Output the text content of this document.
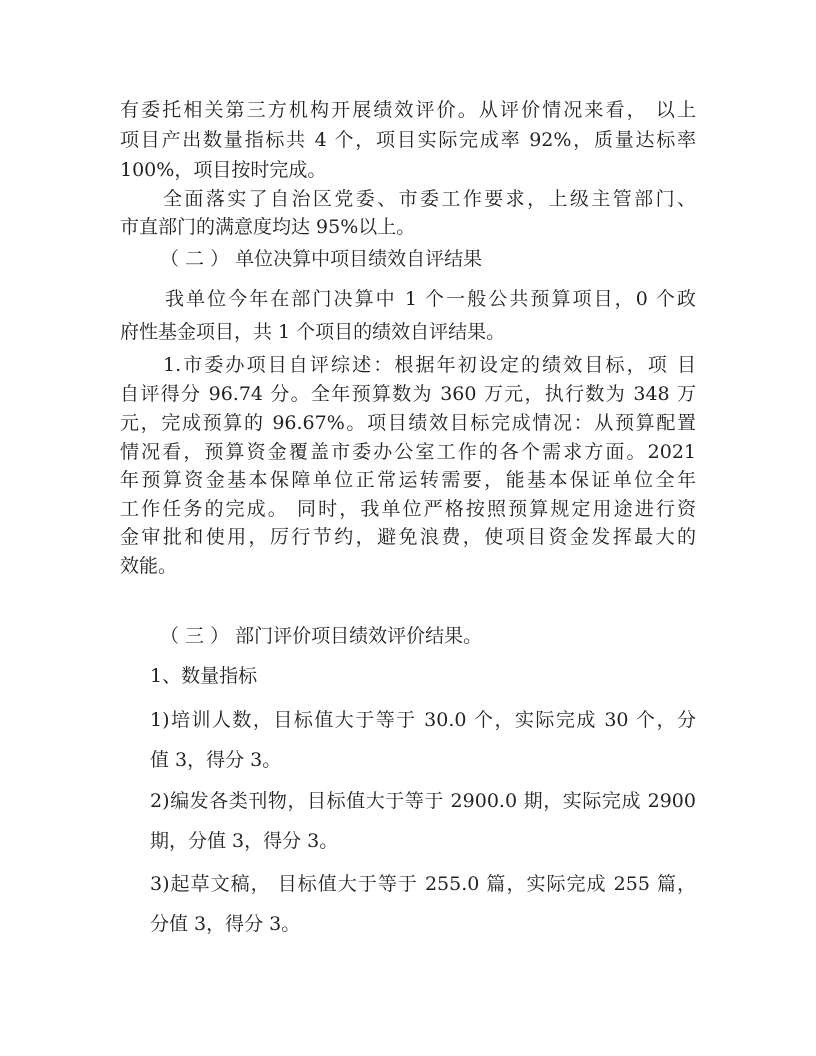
有委托相关第三方机构开展绩效评价。从评价情况来看， 以上
项目产出数量指标共 4 个，项目实际完成率 92%，质量达标率
100%，项目按时完成。
全面落实了自治区党委、市委工作要求，上级主管部门、
市直部门的满意度均达 95%以上。
（ 二 ） 单位决算中项目绩效自评结果
我单位今年在部门决算中 1 个一般公共预算项目，0 个政
府性基金项目，共 1 个项目的绩效自评结果。
1.市委办项目自评综述：根据年初设定的绩效目标，项 目
自评得分 96.74 分。全年预算数为 360 万元，执行数为 348 万
元，完成预算的 96.67%。项目绩效目标完成情况：从预算配置
情况看，预算资金覆盖市委办公室工作的各个需求方面。2021
年预算资金基本保障单位正常运转需要，能基本保证单位全年
工作任务的完成。 同时，我单位严格按照预算规定用途进行资
金审批和使用，厉行节约，避免浪费，使项目资金发挥最大的
效能。
（ 三 ） 部门评价项目绩效评价结果。
1、数量指标
1)培训人数，目标值大于等于 30.0 个，实际完成 30 个，分
值 3，得分 3。
2)编发各类刊物，目标值大于等于 2900.0 期，实际完成 2900
期，分值 3，得分 3。
3)起草文稿， 目标值大于等于 255.0 篇，实际完成 255 篇，
分值 3，得分 3。
